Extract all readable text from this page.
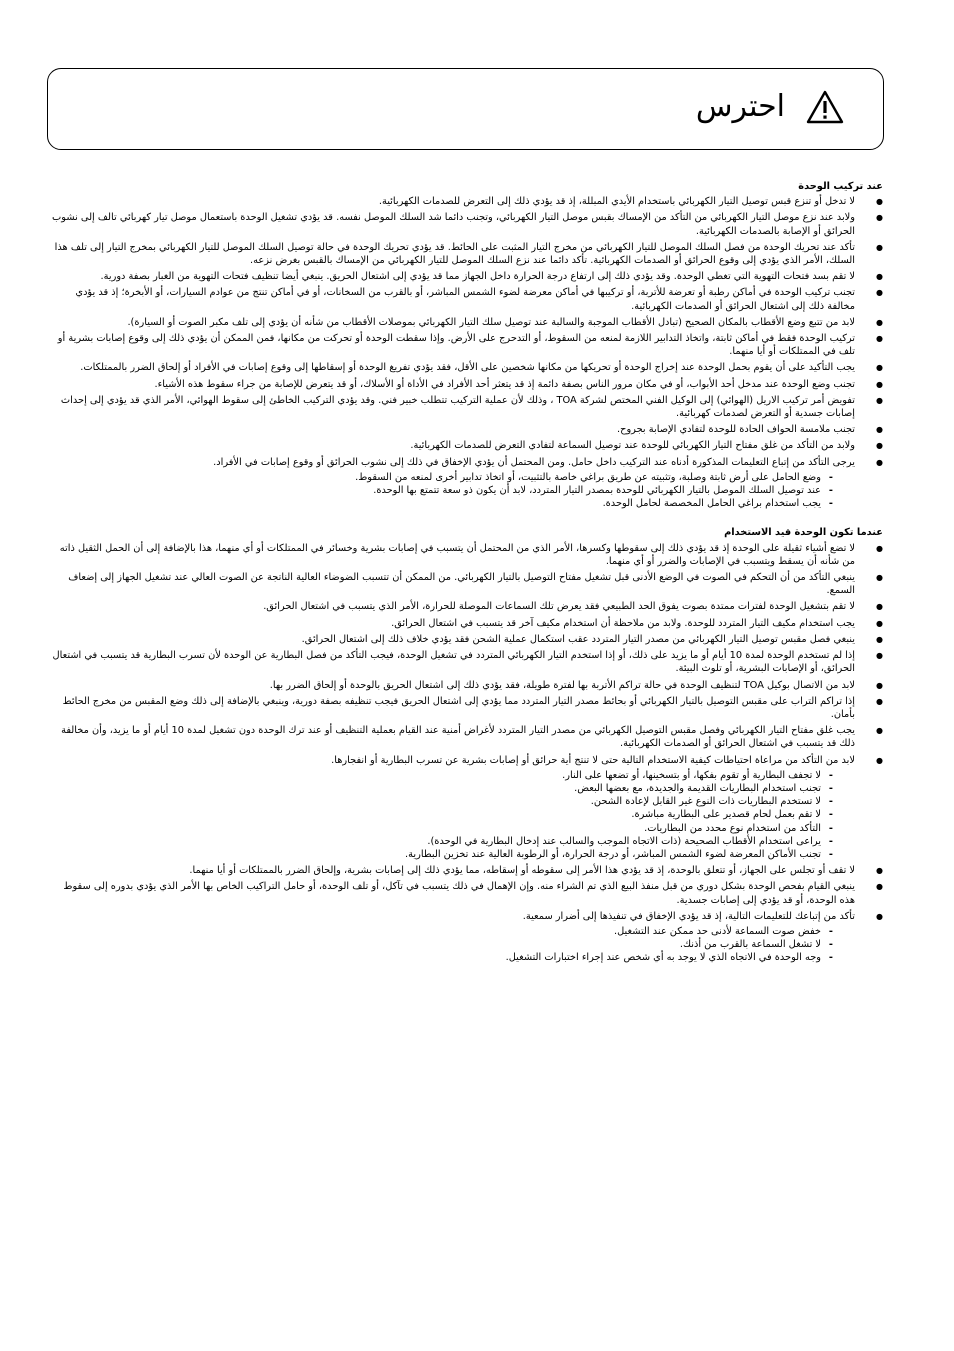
احترس
عند تركيب الوحدة
● لا تدخل أو تنزع قبس توصيل التيار الكهربائي باستخدام الأيدي المبللة، إذ قد يؤدي ذلك إلى التعرض للصدمات الكهربائية.
● ولابد عند نزع موصل التيار الكهربائي من التأكد من الإمساك بقبس موصل التيار الكهربائي، وتجنب دائما شد السلك الموصل نفسه. قد يؤدي تشغيل الوحدة باستعمال موصل تيار كهربائي تالف إلى نشوب الحرائق أو الإصابة بالصدمات الكهربائية.
● تأكد عند تحريك الوحدة من فصل السلك الموصل للتيار الكهربائي من مخرج التيار المثبت على الحائط. قد يؤدي تحريك الوحدة في حالة توصيل السلك الموصل للتيار الكهربائي بمخرج التيار إلى تلف هذا السلك، الأمر الذي يؤدي إلى وقوع الحرائق أو الصدمات الكهربائية. تأكد دائما عند نزع السلك الموصل للتيار الكهربائي من الإمساك بالقبس بغرض نزعه.
● لا تقم بسد فتحات التهوية التي تغطي الوحدة. وقد يؤدي ذلك إلى ارتفاع درجة الحرارة داخل الجهاز مما قد يؤدي إلى اشتعال الحريق. ينبغي أيضا تنظيف فتحات التهوية من الغبار بصفة دورية.
● تجنب تركيب الوحدة في أماكن رطبة أو تعرضة للأتربة، أو تركيبها في أماكن معرضة لضوء الشمس المباشر، أو بالقرب من السخانات، أو في أماكن تنتج من عوادم السيارات، أو الأبخرة؛ إذ قد يؤدي مخالفة ذلك إلى اشتعال الحرائق أو الصدمات الكهربائية.
● لابد من تتبع وضع الأقطاب بالمكان الصحيح (تبادل الأقطاب الموجبة والسالبة عند توصيل سلك التيار الكهربائي بموصلات الأقطاب من شأنه أن يؤدي إلى تلف مكبر الصوت أو السيارة).
● تركيب الوحدة فقط في أماكن ثابتة، واتخاذ التدابير اللازمة لمنعه من السقوط، أو التدحرج على الأرض. وإذا سقطت الوحدة أو تحركت من مكانها، فمن الممكن أن يؤدي ذلك إلى وقوع إصابات بشرية أو تلف في الممتلكات أو أيا منهما.
● يجب التأكيد على أن يقوم بحمل الوحدة عند إخراج الوحدة أو تحريكها من مكانها شخصين على الأقل، فقد يؤدي تفريغ الوحدة أو إسقاطها إلى وقوع إصابات في الأفراد أو إلحاق الضرر بالممتلكات.
● تجنب وضع الوحدة عند مدخل أحد الأبواب، أو في مكان مرور الناس بصفة دائمة إذ قد يتعثر أحد الأفراد في الأداة أو الأسلاك، أو قد يتعرض للإصابة من جراء سقوط هذه الأشياء.
● تفويض أمر تركيب الاريل (الهوائي) إلى الوكيل الفني المختص لشركة TOA ، وذلك لأن عملية التركيب تتطلب خبير فني. وقد يؤدي التركيب الخاطئ إلى سقوط الهوائي، الأمر الذي قد يؤدي إلى إحداث إصابات جسدية أو التعرض لصدمات كهربائية.
● تجنب ملامسة الحواف الحادة للوحدة لتفادي الإصابة بجروح.
● ولابد من التأكد من غلق مفتاح التيار الكهربائي للوحدة عند توصيل السماعة لتفادي التعرض للصدمات الكهربائية.
● يرجى التأكد من إتباع التعليمات المذكورة أدناه عند التركيب داخل حامل. ومن المحتمل أن يؤدي الإخفاق في ذلك إلى نشوب الحرائق أو وقوع إصابات في الأفراد.
- وضع الحامل على أرض ثابتة وصلبة، وتثبيته عن طريق براغي خاصة بالتثبيت، أو اتخاذ تدابير أخرى لمنعه من السقوط.
- عند توصيل السلك الموصل بالتيار الكهربائي للوحدة بمصدر التيار المتردد، لابد أن يكون ذو سعة تتمتع بها الوحدة.
- يجب استخدام براغي الحامل المخصصة لحامل الوحدة.
عندما تكون الوحدة قيد الاستخدام
● لا تضع أشياء ثقيلة على الوحدة إذ قد يؤدي ذلك إلى سقوطها وكسرها، الأمر الذي من المحتمل أن يتسبب في إصابات بشرية وخسائر في الممتلكات أو أي منهما، هذا بالإضافة إلى أن الحمل الثقيل ذاته من شأنه أن يسقط ويتسبب في الإصابات والضرر أو أي منهما.
● ينبغي التأكد من أن التحكم في الصوت في الوضع الأدنى قبل تشغيل مفتاح التوصيل بالتيار الكهربائي. من الممكن أن تتسبب الضوضاء العالية الناتجة عن الصوت العالي عند تشغيل الجهاز إلى إضعاف السمع.
● لا تقم بتشغيل الوحدة لفترات ممتدة بصوت يفوق الحد الطبيعي فقد يعرض تلك السماعات الموصلة للحرارة، الأمر الذي يتسبب في اشتعال الحرائق.
● يجب استخدام مكيف التيار المتردد للوحدة. ولابد من ملاحظة أن استخدام مكيف آخر قد يتسبب في اشتعال الحرائق.
● ينبغي فصل مقبس توصيل التيار الكهربائي من مصدر التيار المتردد عقب استكمال عملية الشحن فقد يؤدي خلاف ذلك إلى اشتعال الحرائق.
● إذا لم تستخدم الوحدة لمدة 10 أيام أو ما يزيد على ذلك، أو إذا استخدم التيار الكهربائي المتردد في تشغيل الوحدة، فيجب التأكد من فصل البطارية عن الوحدة لأن تسرب البطارية قد يتسبب في اشتعال الحرائق، أو الإصابات البشرية، أو تلوث البيئة.
● لابد من الاتصال بوكيل TOA لتنظيف الوحدة في حالة تراكم الأتربة بها لفترة طويلة، فقد يؤدي ذلك إلى اشتعال الحريق بالوحدة أو إلحاق الضرر بها.
● إذا تراكم التراب على مقبس التوصيل بالتيار الكهربائي أو بحائط مصدر التيار المتردد مما يؤدي إلى اشتعال الحريق فيجب تنظيفه بصفة دورية، وينبغي بالإضافة إلى ذلك وضع المقبس من مخرج الحائط بأمان.
● يجب غلق مفتاح التيار الكهربائي وفصل مقبس التوصيل الكهربائي من مصدر التيار المتردد لأغراض أمنية عند القيام بعملية التنظيف أو عند ترك الوحدة دون تشغيل لمدة 10 أيام أو ما يزيد، وأن مخالفة ذلك قد يتسبب في اشتعال الحرائق أو الصدمات الكهربائية.
● لابد من التأكد من مراعاة احتياطات كيفية الاستخدام التالية حتى لا تنتج أية حرائق أو إصابات بشرية عن تسرب البطارية أو انفجارها.
- لا تجفف البطارية أو تقوم بفكها، أو بتسخينها، أو تضعها على النار.
- تجنب استخدام البطاريات القديمة والجديدة، مع بعضها البعض.
- لا تستخدم البطاريات ذات النوع غير القابل لإعادة الشحن.
- لا تقم بعمل لحام قصدير على البطارية مباشرة.
- التأكد من استخدام نوع محدد من البطاريات.
- يراعى استخدام الأقطاب الصحيحة (ذات الاتجاه الموجب والسالب عند إدخال البطارية في الوحدة).
- تجنب الأماكن المعرضة لضوء الشمس المباشر، أو درجة الحرارة، أو الرطوبة العالية عند تخزين البطارية.
● لا تقف أو تجلس على الجهاز، أو تتعلق بالوحدة، إذ قد يؤدي هذا الأمر إلى سقوطه أو إسقاطه، مما يؤدي ذلك إلى إصابات بشرية، وإلحاق الضرر بالممتلكات أو أيا منهما.
● ينبغي القيام بفحص الوحدة بشكل دوري من قبل منفذ البيع الذي تم الشراء منه. وإن الإهمال في ذلك يتسبب في تآكل، أو تلف الوحدة، أو حامل التراكيب الخاص بها الأمر الذي يؤدي بدوره إلى سقوط هذه الوحدة، أو قد يؤدي إلى إصابات جسدية.
● تأكد من إتباعك للتعليمات التالية، إذ قد يؤدي الإخفاق في تنفيذها إلى أضرار سمعية.
- خفض صوت السماعة لأدنى حد ممكن عند التشغيل.
- لا تشغل السماعة بالقرب من أذنك.
- وجه الوحدة في الاتجاه الذي لا يوجد به أي شخص عند إجراء اختبارات التشغيل.
